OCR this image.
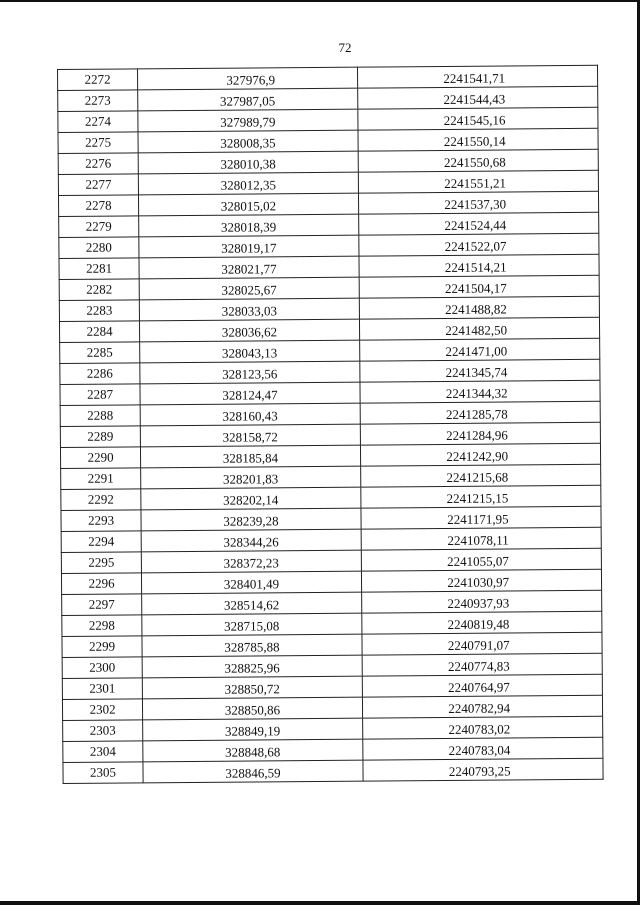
72
2272	327976,9	2241541,71
2273	327987,05	2241544,43
2274	327989,79	2241545,16
2275	328008,35	2241550,14
2276	328010,38	2241550,68
2277	328012,35	2241551,21
2278	328015,02	2241537,30
2279	328018,39	2241524,44
2280	328019,17	2241522,07
2281	328021,77	2241514,21
2282	328025,67	2241504,17
2283	328033,03	2241488,82
2284	328036,62	2241482,50
2285	328043,13	2241471,00
2286	328123,56	2241345,74
2287	328124,47	2241344,32
2288	328160,43	2241285,78
2289	328158,72	2241284,96
2290	328185,84	2241242,90
2291	328201,83	2241215,68
2292	328202,14	2241215,15
2293	328239,28	2241171,95
2294	328344,26	2241078,11
2295	328372,23	2241055,07
2296	328401,49	2241030,97
2297	328514,62	2240937,93
2298	328715,08	2240819,48
2299	328785,88	2240791,07
2300	328825,96	2240774,83
2301	328850,72	2240764,97
2302	328850,86	2240782,94
2303	328849,19	2240783,02
2304	328848,68	2240783,04
2305	328846,59	2240793,25
